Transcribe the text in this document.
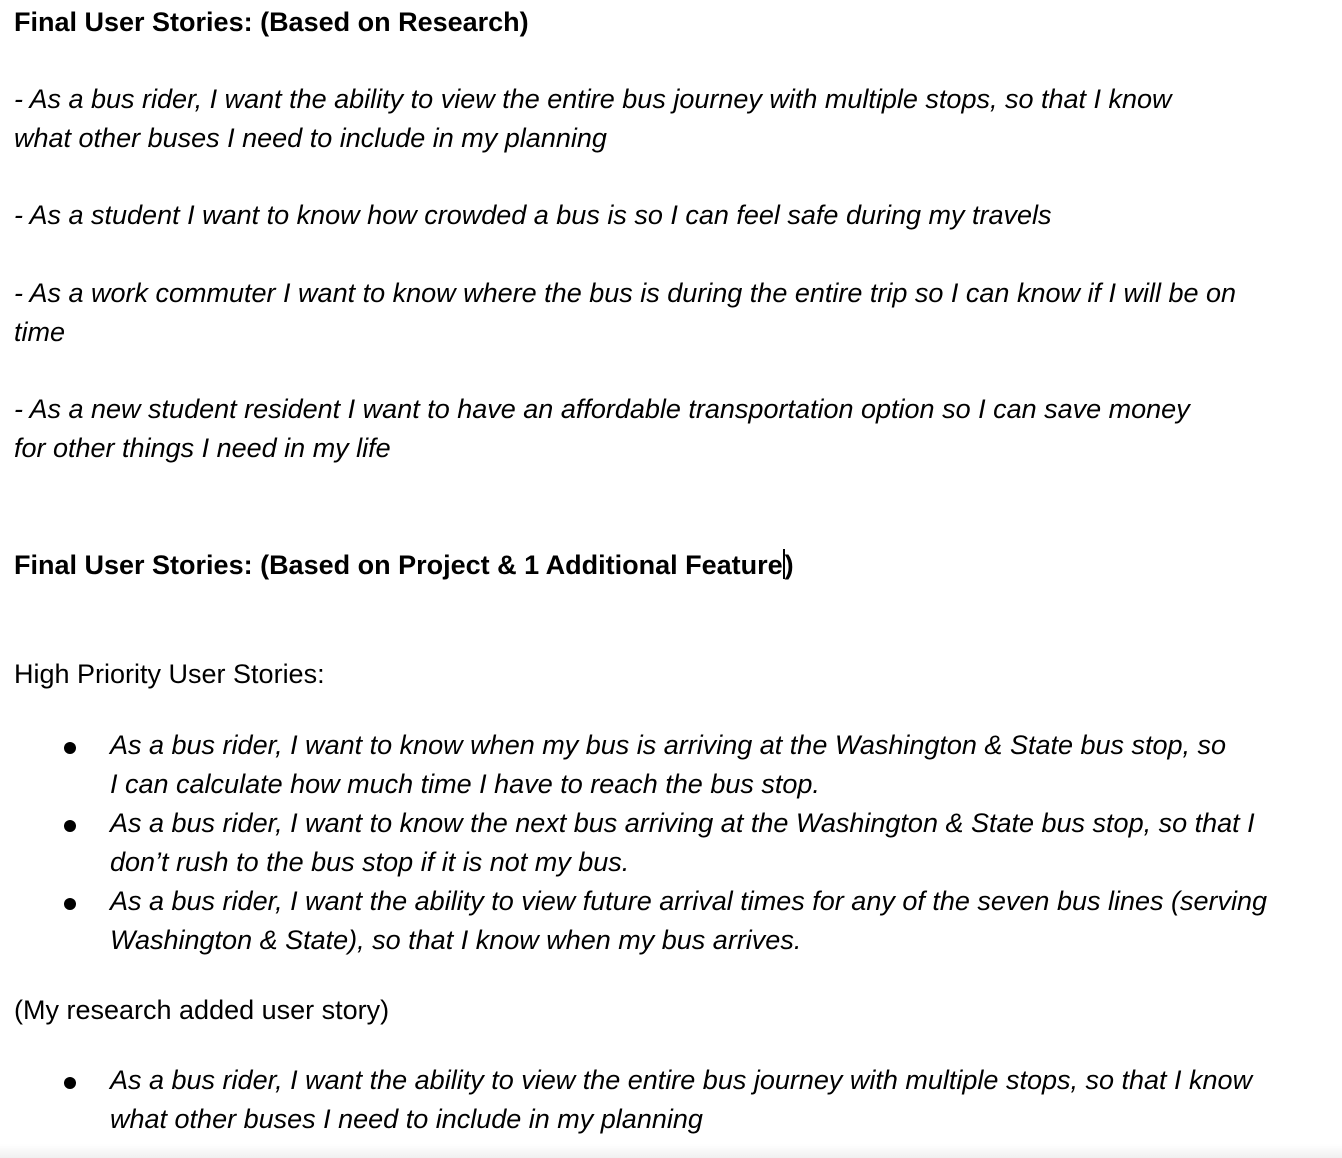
Final User Stories: (Based on Research)
- As a bus rider, I want the ability to view the entire bus journey with multiple stops, so that I know what other buses I need to include in my planning
- As a student I want to know how crowded a bus is so I can feel safe during my travels
- As a work commuter I want to know where the bus is during the entire trip so I can know if I will be on time
- As a new student resident I want to have an affordable transportation option so I can save money for other things I need in my life
Final User Stories: (Based on Project & 1 Additional Feature)
High Priority User Stories:
As a bus rider, I want to know when my bus is arriving at the Washington & State bus stop, so I can calculate how much time I have to reach the bus stop.
As a bus rider, I want to know the next bus arriving at the Washington & State bus stop, so that I don’t rush to the bus stop if it is not my bus.
As a bus rider, I want the ability to view future arrival times for any of the seven bus lines (serving Washington & State), so that I know when my bus arrives.
(My research added user story)
As a bus rider, I want the ability to view the entire bus journey with multiple stops, so that I know what other buses I need to include in my planning
